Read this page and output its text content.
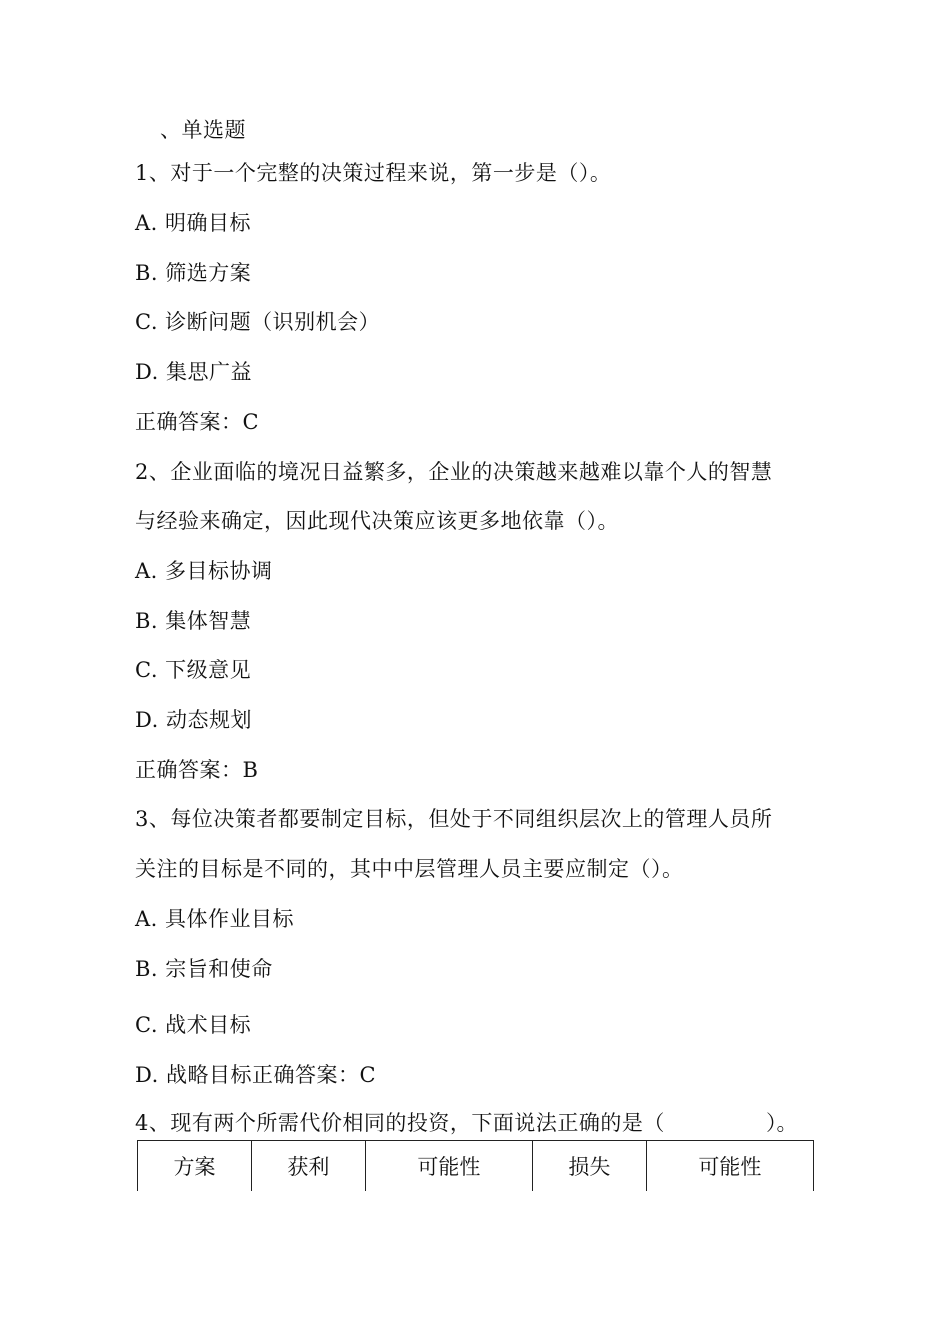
、单选题
1、对于一个完整的决策过程来说，第一步是（）。
A. 明确目标
B. 筛选方案
C. 诊断问题（识别机会）
D. 集思广益
正确答案：C
2、企业面临的境况日益繁多，企业的决策越来越难以靠个人的智慧
与经验来确定，因此现代决策应该更多地依靠（）。
A. 多目标协调
B. 集体智慧
C. 下级意见
D. 动态规划
正确答案：B
3、每位决策者都要制定目标，但处于不同组织层次上的管理人员所
关注的目标是不同的，其中中层管理人员主要应制定（）。
A. 具体作业目标
B. 宗旨和使命
C. 战术目标
D. 战略目标正确答案：C
4、现有两个所需代价相同的投资，下面说法正确的是（	）。
方案	获利	可能性	损失	可能性
